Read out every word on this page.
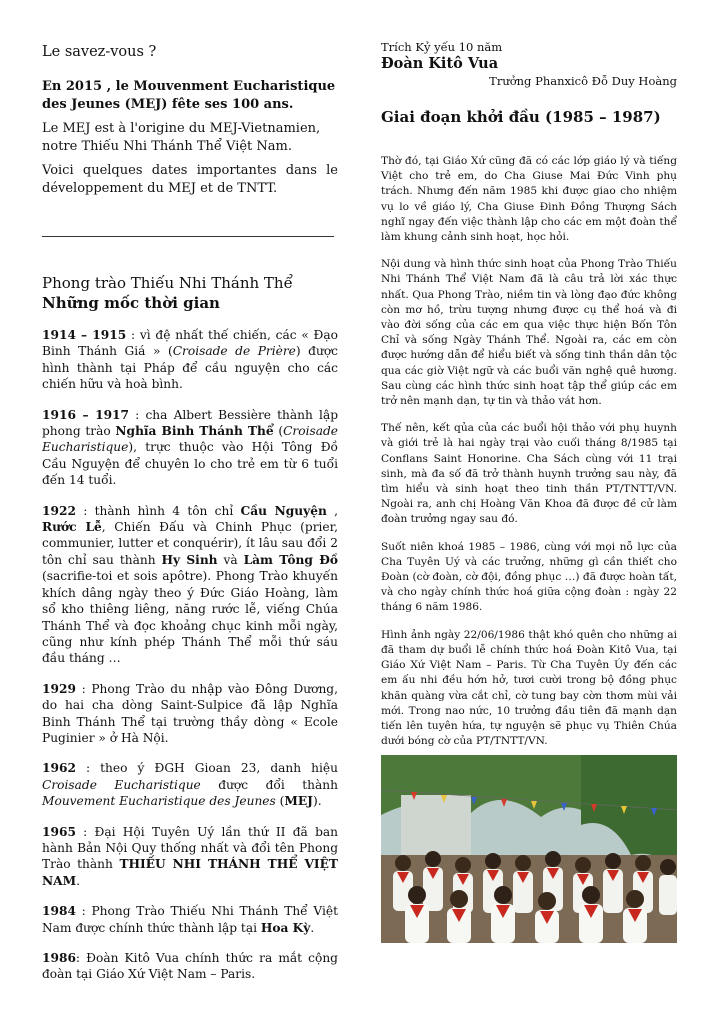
Le savez-vous ?

En 2015 , le Mouvenment Eucharistique des Jeunes (MEJ) fête ses 100 ans.

Le MEJ est à l'origine du MEJ-Vietnamien, notre Thiếu Nhi Thánh Thể Việt Nam.

Voici quelques dates importantes dans le développement du MEJ et de TNTT.

Phong trào Thiếu Nhi Thánh Thể

Những mốc thời gian

1914 – 1915 : vì đệ nhất thế chiến, các « Đạo Binh Thánh Giá » (Croisade de Prière) được hình thành tại Pháp để cầu nguyện cho các chiến hữu và hoà bình.

1916 – 1917 : cha Albert Bessière thành lập phong trào Nghĩa Binh Thánh Thể (Croisade Eucharistique), trực thuộc vào Hội Tông Đồ Cầu Nguyện để chuyên lo cho trẻ em từ 6 tuổi đến 14 tuổi.

1922 : thành hình 4 tôn chỉ Cầu Nguyện , Rước Lễ, Chiến Đấu và Chinh Phục (prier, communier, lutter et conquérir), ít lâu sau đổi 2 tôn chỉ sau thành Hy Sinh và Làm Tông Đồ (sacrifie-toi et sois apôtre). Phong Trào khuyến khích dâng ngày theo ý Đức Giáo Hoàng, làm sổ kho thiêng liêng, năng rước lễ, viếng Chúa Thánh Thể và đọc khoảng chục kinh mỗi ngày, cũng như kính phép Thánh Thể mỗi thứ sáu đầu tháng …

1929 : Phong Trào du nhập vào Đông Dương, do hai cha dòng Saint-Sulpice đã lập Nghĩa Binh Thánh Thể tại trường thầy dòng « Ecole Puginier » ở Hà Nội.

1962 : theo ý ĐGH Gioan 23, danh hiệu Croisade Eucharistique được đổi thành Mouvement Eucharistique des Jeunes (MEJ).

1965 : Đại Hội Tuyên Uý lần thứ II đã ban hành Bản Nội Quy thống nhất và đổi tên Phong Trào thành THIẾU NHI THÁNH THỂ VIỆT NAM.

1984 : Phong Trào Thiếu Nhi Thánh Thể Việt Nam được chính thức thành lập tại Hoa Kỳ.

1986: Đoàn Kitô Vua chính thức ra mắt cộng đoàn tại Giáo Xứ Việt Nam – Paris.

Trích Kỷ yếu 10 năm

Đoàn Kitô Vua

Trưởng Phanxicô Đỗ Duy Hoàng

Giai đoạn khởi đầu (1985 – 1987)

Thờ đó, tại Giáo Xứ cũng đã có các lớp giáo lý và tiếng Việt cho trẻ em, do Cha Giuse Mai Đức Vinh phụ trách. Nhưng đến năm 1985 khi được giao cho nhiệm vụ lo về giáo lý, Cha Giuse Đinh Đồng Thượng Sách nghĩ ngay đến việc thành lập cho các em một đoàn thể làm khung cảnh sinh hoạt, học hỏi.

Nội dung và hình thức sinh hoạt của Phong Trào Thiếu Nhi Thánh Thể Việt Nam đã là câu trả lời xác thực nhất. Qua Phong Trào, niềm tin và lòng đạo đức không còn mơ hồ, trừu tượng nhưng được cụ thể hoá và đi vào đời sống của các em qua việc thực hiện Bốn Tôn Chỉ và sống Ngày Thánh Thể. Ngoài ra, các em còn được hướng dẫn để hiểu biết và sống tinh thần dân tộc qua các giờ Việt ngữ và các buổi văn nghệ quê hương. Sau cùng các hình thức sinh hoạt tập thể giúp các em trở nên mạnh dạn, tự tin và thảo vát hơn.

Thế nên, kết qủa của các buổi hội thảo với phụ huynh và giới trẻ là hai ngày trại vào cuối tháng 8/1985 tại Conflans Saint Honorine. Cha Sách cùng với 11 trại sinh, mà đa số đã trở thành huynh trưởng sau này, đã tìm hiểu và sinh hoạt theo tinh thần PT/TNTT/VN. Ngoài ra, anh chị Hoàng Văn Khoa đã được đề cử làm đoàn trưởng ngay sau đó.

Suốt niên khoá 1985 – 1986, cùng với mọi nỗ lực của Cha Tuyên Uý và các trưởng, những gì cần thiết cho Đoàn (cờ đoàn, cờ đội, đồng phục …) đã được hoàn tất, và cho ngày chính thức hoá giữa cộng đoàn : ngày 22 tháng 6 năm 1986.

Hình ảnh ngày 22/06/1986 thật khó quên cho những ai đã tham dự buổi lễ chính thức hoá Đoàn Kitô Vua, tại Giáo Xứ Việt Nam – Paris. Từ Cha Tuyên Úy đến các em ấu nhi đều hớn hở, tươi cười trong bộ đồng phục khăn quàng vừa cắt chỉ, cờ tung bay cờn thơm mùi vải mới. Trong nao nức, 10 trưởng đầu tiên đã mạnh dạn tiến lên tuyên hứa, tự nguyện sẽ phục vụ Thiên Chúa dưới bóng cờ của PT/TNTT/VN.
